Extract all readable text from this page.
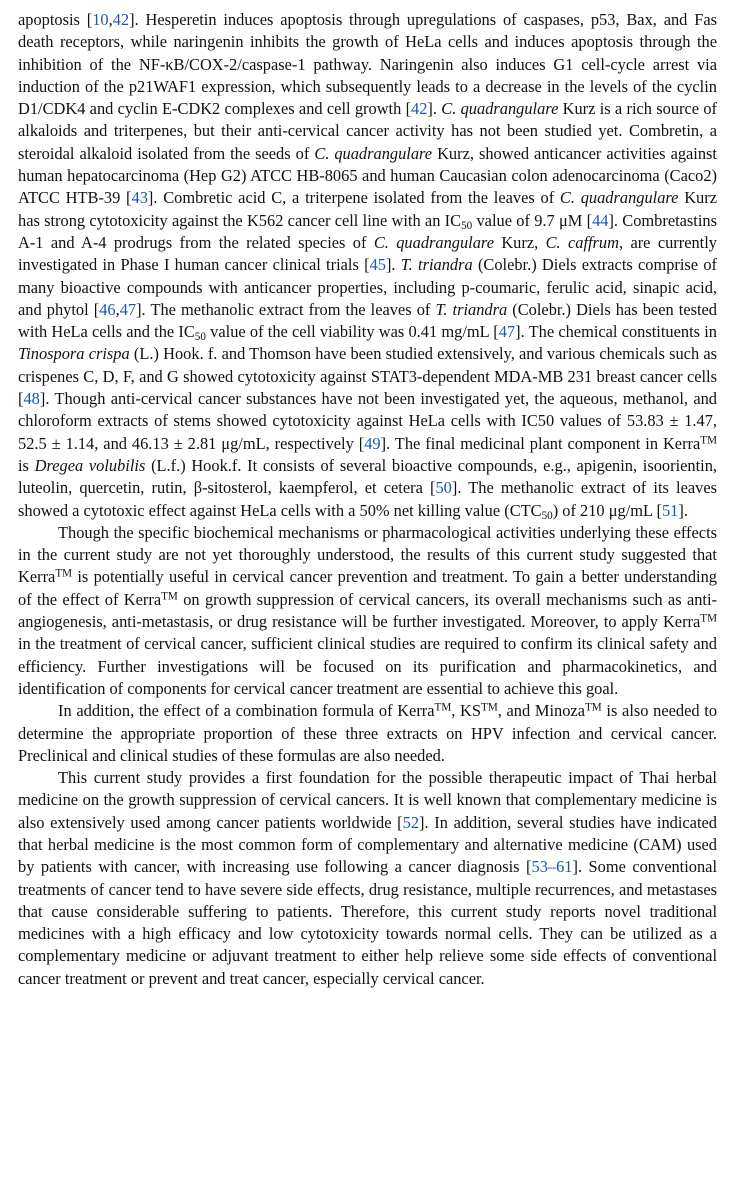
apoptosis [10,42]. Hesperetin induces apoptosis through upregulations of caspases, p53, Bax, and Fas death receptors, while naringenin inhibits the growth of HeLa cells and induces apoptosis through the inhibition of the NF-κB/COX-2/caspase-1 pathway. Naringenin also induces G1 cell-cycle arrest via induction of the p21WAF1 expression, which subsequently leads to a decrease in the levels of the cyclin D1/CDK4 and cyclin E-CDK2 complexes and cell growth [42]. C. quadrangulare Kurz is a rich source of alkaloids and triterpenes, but their anti-cervical cancer activity has not been studied yet. Combretin, a steroidal alkaloid isolated from the seeds of C. quadrangulare Kurz, showed anticancer activities against human hepatocarcinoma (Hep G2) ATCC HB-8065 and human Caucasian colon adenocarcinoma (Caco2) ATCC HTB-39 [43]. Combretic acid C, a triterpene isolated from the leaves of C. quadrangulare Kurz has strong cytotoxicity against the K562 cancer cell line with an $IC_{50}$ value of 9.7 μM [44]. Combretastins A-1 and A-4 prodrugs from the related species of C. quadrangulare Kurz, C. caffrum, are currently investigated in Phase I human cancer clinical trials [45]. T. triandra (Colebr.) Diels extracts comprise of many bioactive compounds with anticancer properties, including p-coumaric, ferulic acid, sinapic acid, and phytol [46,47]. The methanolic extract from the leaves of T. triandra (Colebr.) Diels has been tested with HeLa cells and the $IC_{50}$ value of the cell viability was 0.41 mg/mL [47]. The chemical constituents in Tinospora crispa (L.) Hook. f. and Thomson have been studied extensively, and various chemicals such as crispenes C, D, F, and G showed cytotoxicity against STAT3-dependent MDA-MB 231 breast cancer cells [48]. Though anti-cervical cancer substances have not been investigated yet, the aqueous, methanol, and chloroform extracts of stems showed cytotoxicity against HeLa cells with IC50 values of 53.83 ± 1.47, 52.5 ± 1.14, and 46.13 ± 2.81 μg/mL, respectively [49]. The final medicinal plant component in Kerra™ is Dregea volubilis (L.f.) Hook.f. It consists of several bioactive compounds, e.g., apigenin, isoorientin, luteolin, quercetin, rutin, β-sitosterol, kaempferol, et cetera [50]. The methanolic extract of its leaves showed a cytotoxic effect against HeLa cells with a 50% net killing value $(CTC_{50})$ of 210 μg/mL [51].

Though the specific biochemical mechanisms or pharmacological activities underlying these effects in the current study are not yet thoroughly understood, the results of this current study suggested that Kerra™ is potentially useful in cervical cancer prevention and treatment. To gain a better understanding of the effect of Kerra™ on growth suppression of cervical cancers, its overall mechanisms such as anti-angiogenesis, anti-metastasis, or drug resistance will be further investigated. Moreover, to apply Kerra™ in the treatment of cervical cancer, sufficient clinical studies are required to confirm its clinical safety and efficiency. Further investigations will be focused on its purification and pharmacokinetics, and identification of components for cervical cancer treatment are essential to achieve this goal.

In addition, the effect of a combination formula of Kerra™, KS™, and Minoza™ is also needed to determine the appropriate proportion of these three extracts on HPV infection and cervical cancer. Preclinical and clinical studies of these formulas are also needed.

This current study provides a first foundation for the possible therapeutic impact of Thai herbal medicine on the growth suppression of cervical cancers. It is well known that complementary medicine is also extensively used among cancer patients worldwide [52]. In addition, several studies have indicated that herbal medicine is the most common form of complementary and alternative medicine (CAM) used by patients with cancer, with increasing use following a cancer diagnosis [53–61]. Some conventional treatments of cancer tend to have severe side effects, drug resistance, multiple recurrences, and metastases that cause considerable suffering to patients. Therefore, this current study reports novel traditional medicines with a high efficacy and low cytotoxicity towards normal cells. They can be utilized as a complementary medicine or adjuvant treatment to either help relieve some side effects of conventional cancer treatment or prevent and treat cancer, especially cervical cancer.
